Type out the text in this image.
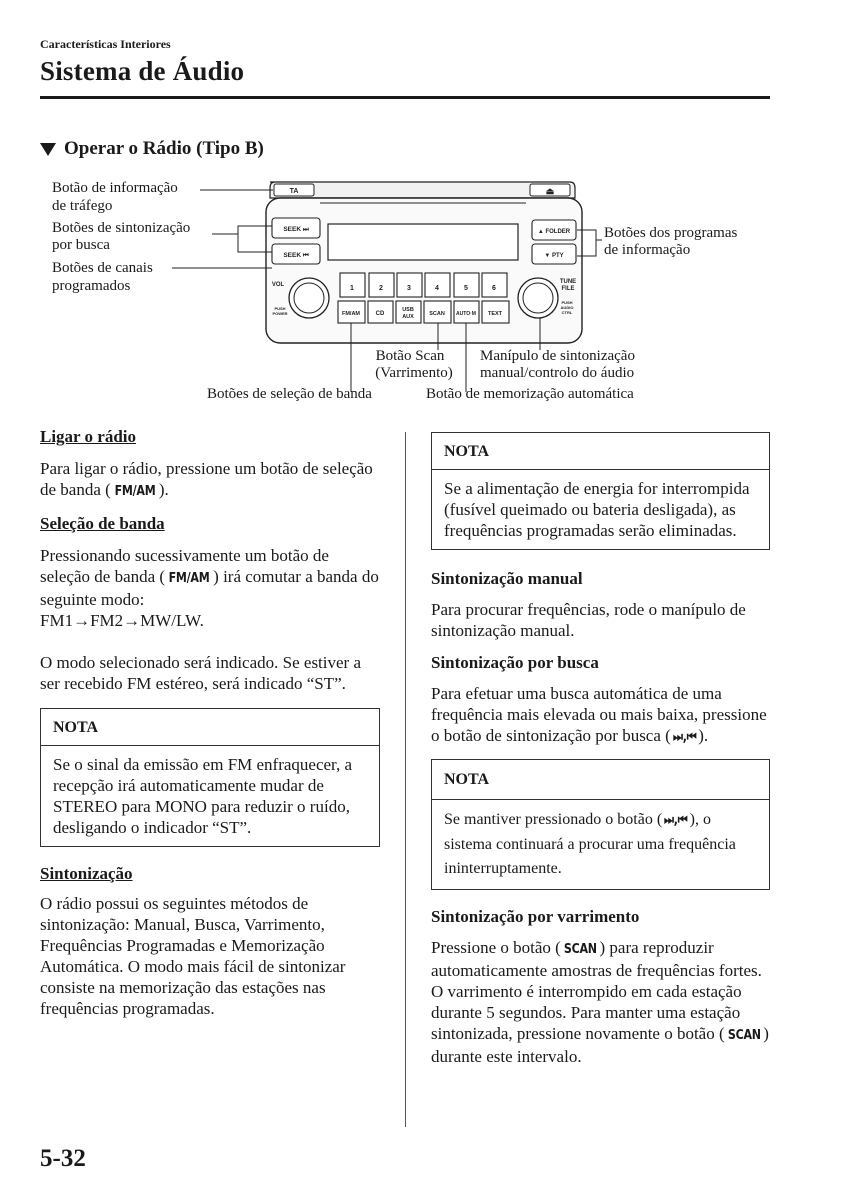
Características Interiores
Sistema de Áudio
Operar o Rádio (Tipo B)
TA	⏏
SEEK ⏭
SEEK ⏮
▲ FOLDER
▼ PTY
VOL
PUSH
POWER
TUNE
FILE
PUSH
AUDIO
CTRL
1	2	3	4	5	6
FM/AM	CD
USB
AUX	SCAN AUTO·M TEXT
Botão de informação
de tráfego
Botões de sintonização
por busca
Botões de canais
programados
Botões dos programas
de informação
Botão Scan
(Varrimento)
Manípulo de sintonização
manual/controlo do áudio
Botões de seleção de banda	Botão de memorização automática
Ligar o rádio

Para ligar o rádio, pressione um botão de seleção de banda ( FM/AM ).

Seleção de banda

Pressionando sucessivamente um botão de seleção de banda ( FM/AM ) irá comutar a banda do seguinte modo:

FM1→FM2→MW/LW.

O modo selecionado será indicado. Se estiver a ser recebido FM estéreo, será indicado “ST”.

NOTA
Se o sinal da emissão em FM enfraquecer, a recepção irá automaticamente mudar de STEREO para MONO para reduzir o ruído, desligando o indicador “ST”.
Sintonização

O rádio possui os seguintes métodos de sintonização: Manual, Busca, Varrimento, Frequências Programadas e Memorização Automática. O modo mais fácil de sintonizar consiste na memorização das estações nas frequências programadas.

NOTA
Se a alimentação de energia for interrompida (fusível queimado ou bateria desligada), as frequências programadas serão eliminadas.
Sintonização manual

Para procurar frequências, rode o manípulo de sintonização manual.

Sintonização por busca

Para efetuar uma busca automática de uma frequência mais elevada ou mais baixa, pressione o botão de sintonização por busca ( ⏭,⏮ ).

NOTA
Se mantiver pressionado o botão ( ⏭,⏮ ), o sistema continuará a procurar uma frequência ininterruptamente.
Sintonização por varrimento

Pressione o botão ( SCAN ) para reproduzir automaticamente amostras de frequências fortes. O varrimento é interrompido em cada estação durante 5 segundos. Para manter uma estação sintonizada, pressione novamente o botão ( SCAN ) durante este intervalo.

5-32
